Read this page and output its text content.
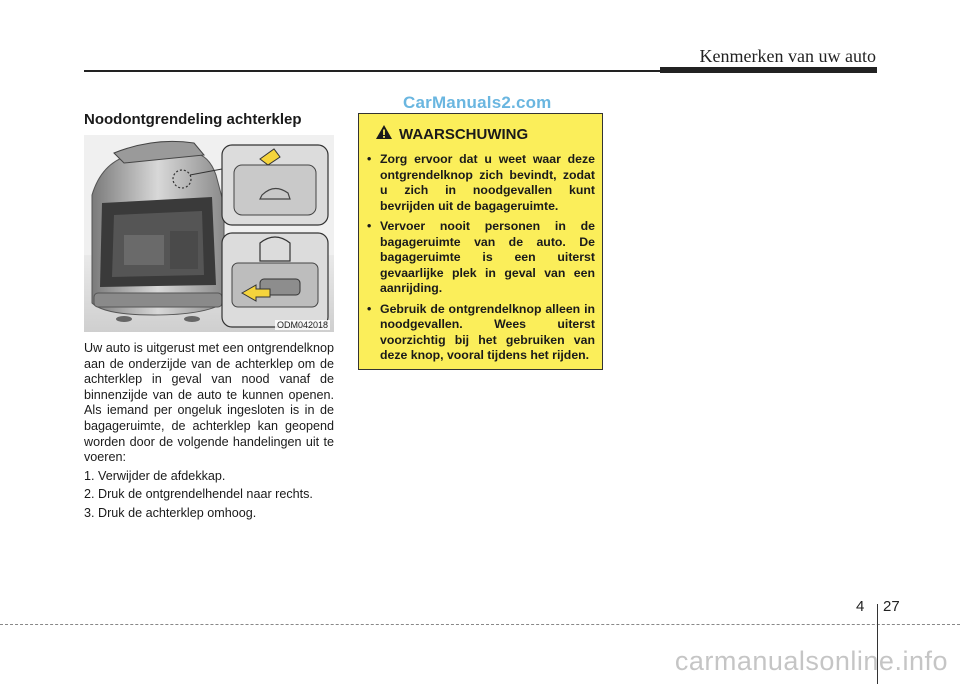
Kenmerken van uw auto
CarManuals2.com
Noodontgrendeling achterklep
ODM042018

Uw auto is uitgerust met een ontgrendelknop aan de onderzijde van de achterklep om de achterklep in geval van nood vanaf de binnenzijde van de auto te kunnen openen. Als iemand per ongeluk ingesloten is in de bagageruimte, de achterklep kan geopend worden door de volgende handelingen uit te voeren:

1. Verwijder de afdekkap.
2. Druk de ontgrendelhendel naar rechts.
3. Druk de achterklep omhoog.
WAARSCHUWING
• Zorg ervoor dat u weet waar deze ontgrendelknop zich bevindt, zodat u zich in noodgevallen kunt bevrijden uit de bagageruimte.
• Vervoer nooit personen in de bagageruimte van de auto. De bagageruimte is een uiterst gevaarlijke plek in geval van een aanrijding.
• Gebruik de ontgrendelknop alleen in noodgevallen. Wees uiterst voorzichtig bij het gebruiken van deze knop, vooral tijdens het rijden.
4 27
carmanualsonline.info
